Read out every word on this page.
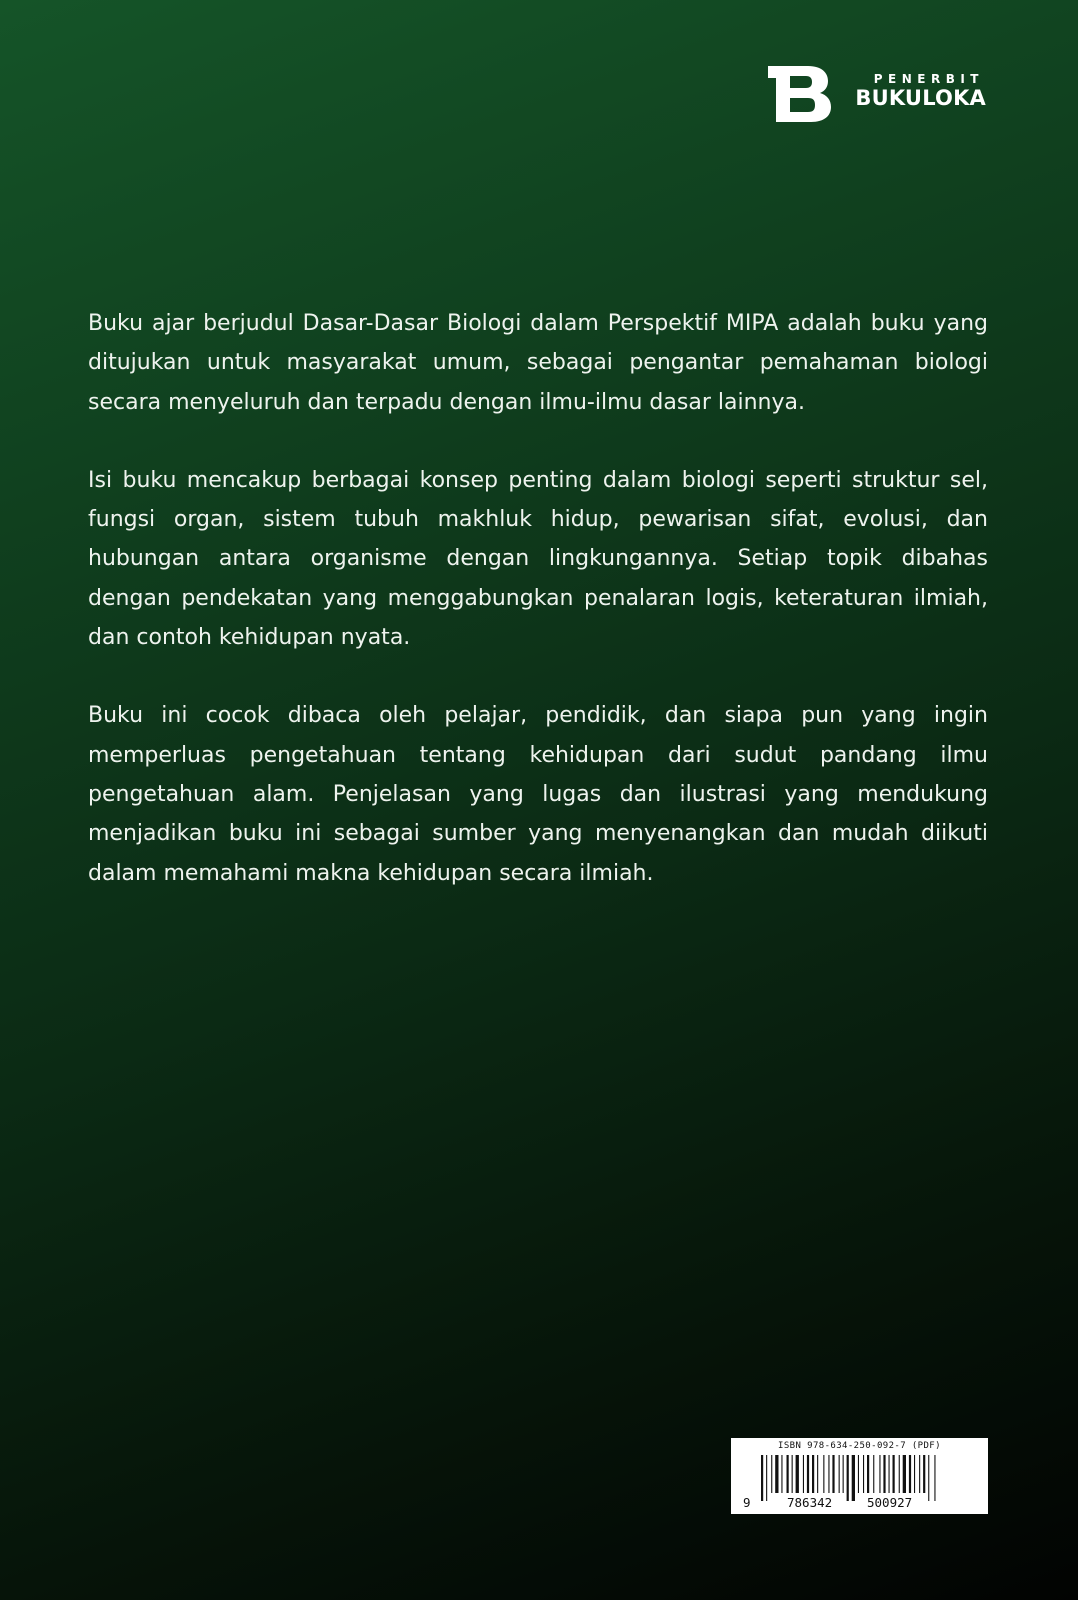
PENERBIT
BUKULOKA

Buku ajar berjudul Dasar-Dasar Biologi dalam Perspektif MIPA adalah buku yang ditujukan untuk masyarakat umum, sebagai pengantar pemahaman biologi secara menyeluruh dan terpadu dengan ilmu-ilmu dasar lainnya.

Isi buku mencakup berbagai konsep penting dalam biologi seperti struktur sel, fungsi organ, sistem tubuh makhluk hidup, pewarisan sifat, evolusi, dan hubungan antara organisme dengan lingkungannya. Setiap topik dibahas dengan pendekatan yang menggabungkan penalaran logis, keteraturan ilmiah, dan contoh kehidupan nyata.

Buku ini cocok dibaca oleh pelajar, pendidik, dan siapa pun yang ingin memperluas pengetahuan tentang kehidupan dari sudut pandang ilmu pengetahuan alam. Penjelasan yang lugas dan ilustrasi yang mendukung menjadikan buku ini sebagai sumber yang menyenangkan dan mudah diikuti dalam memahami makna kehidupan secara ilmiah.

ISBN 978-634-250-092-7 (PDF)
9	786342	500927
